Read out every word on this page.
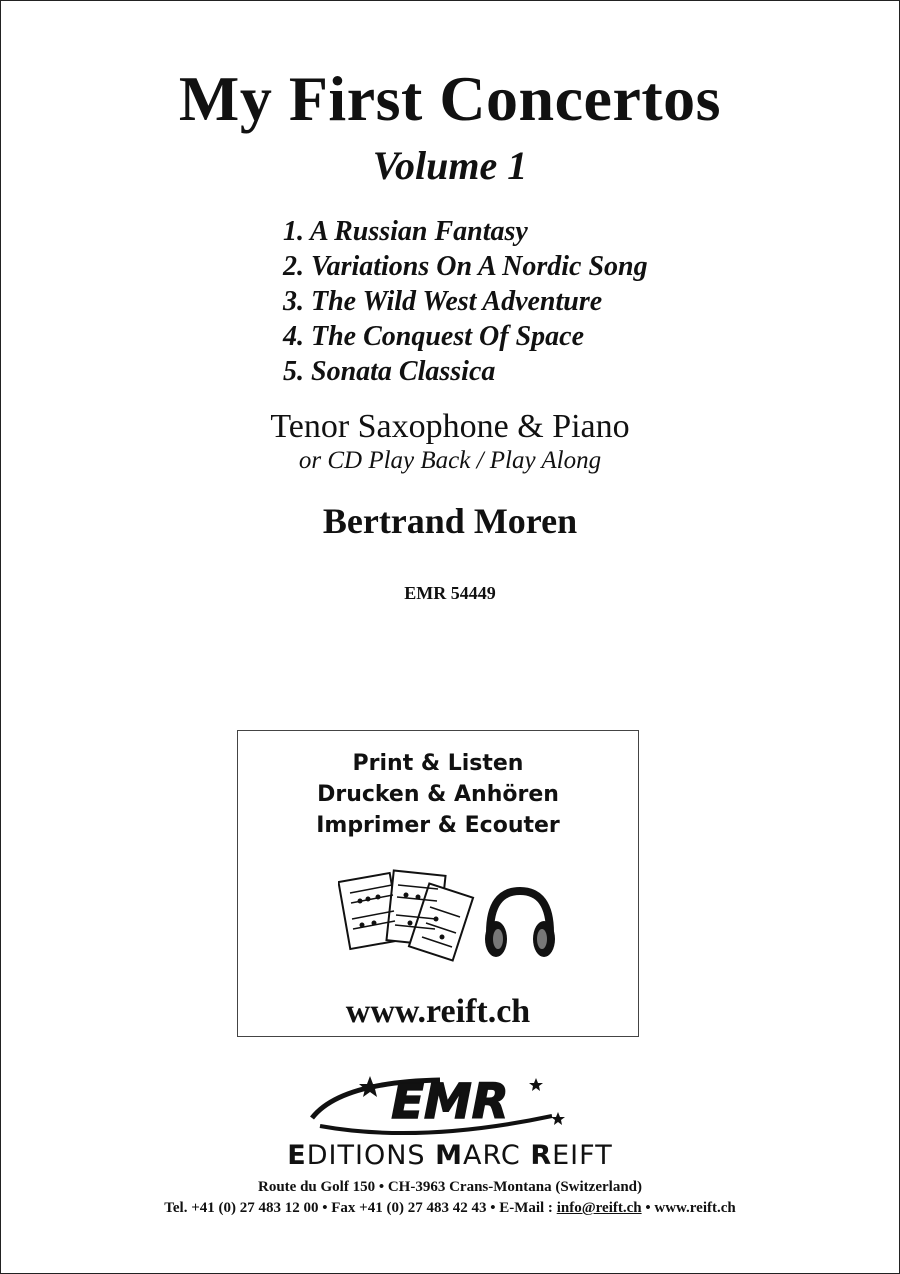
My First Concertos
Volume 1
1. A Russian Fantasy
2. Variations On A Nordic Song
3. The Wild West Adventure
4. The Conquest Of Space
5. Sonata Classica
Tenor Saxophone & Piano
or CD Play Back / Play Along
Bertrand Moren
EMR 54449
Print & Listen
Drucken & Anhören
Imprimer & Ecouter
www.reift.ch
EMR
EDITIONS MARC REIFT
Route du Golf 150 • CH-3963 Crans-Montana (Switzerland)
Tel. +41 (0) 27 483 12 00 • Fax +41 (0) 27 483 42 43 • E-Mail : info@reift.ch • www.reift.ch
